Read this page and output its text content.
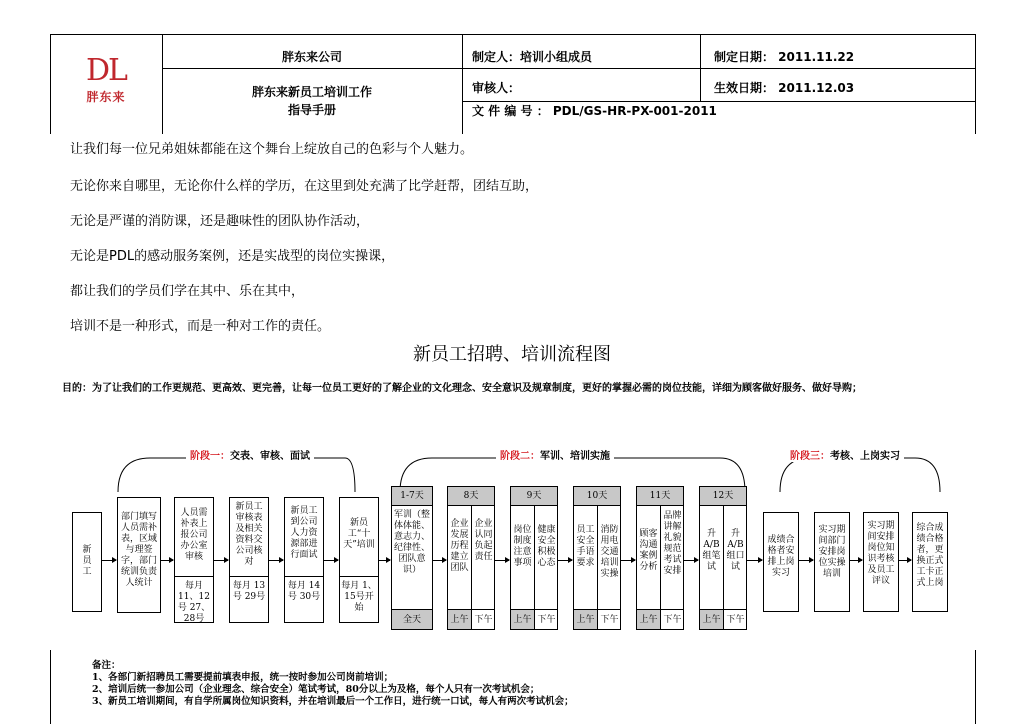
DL
胖东来
胖东来公司
胖东来新员工培训工作
指导手册
制定人：培训小组成员
审核人：
文 件 编 号 ： PDL/GS-HR-PX-001-2011
制定日期： 2011.11.22
生效日期： 2011.12.03
让我们每一位兄弟姐妹都能在这个舞台上绽放自己的色彩与个人魅力。
无论你来自哪里，无论你什么样的学历，在这里到处充满了比学赶帮，团结互助，
无论是严谨的消防课，还是趣味性的团队协作活动，
无论是PDL的感动服务案例，还是实战型的岗位实操课，
都让我们的学员们学在其中、乐在其中，
培训不是一种形式，而是一种对工作的责任。
新员工招聘、培训流程图
目的：为了让我们的工作更规范、更高效、更完善，让每一位员工更好的了解企业的文化理念、安全意识及规章制度，更好的掌握必需的岗位技能，详细为顾客做好服务、做好导购；
阶段一：交表、审核、面试	阶段二：军训、培训实施	阶段三：考核、上岗实习
新员工
部门填写人员需补表，区域与理签字，部门统训负责人统计
人员需补表上报公司办公室审核
每月 11、12号 27、28号
新员工审核表及相关资料交公司核对
每月 13号 29号
新员工到公司人力资源部进行面试
每月 14号 30号
新员工“十天”培训
每月 1、15号开始
1-7天
军训（整体体能、意志力、纪律性、团队意识）
全天
8天
企业发展历程 建立团队
企业认同 负起责任
上午 下午
9天
岗位制度 注意事项
健康安全 积极心态
上午 下午
10天
员工安全 手语要求
消防用电交通培训实操
上午 下午
11天
顾客沟通 案例分析
品牌讲解 礼貌规范 考试安排
上午 下午
12天
升A/B组笔试
升A/B组口试
上午 下午
成绩合格者安排上岗实习
实习期间部门安排岗位实操培训
实习期间安排岗位知识考核及员工评议
综合成绩合格者，更换正式工卡正式上岗
备注：
1、各部门新招聘员工需要提前填表申报，统一按时参加公司岗前培训；
2、培训后统一参加公司（企业理念、综合安全）笔试考试，80分以上为及格，每个人只有一次考试机会；
3、新员工培训期间，有自学所属岗位知识资料，并在培训最后一个工作日，进行统一口试，每人有两次考试机会；
